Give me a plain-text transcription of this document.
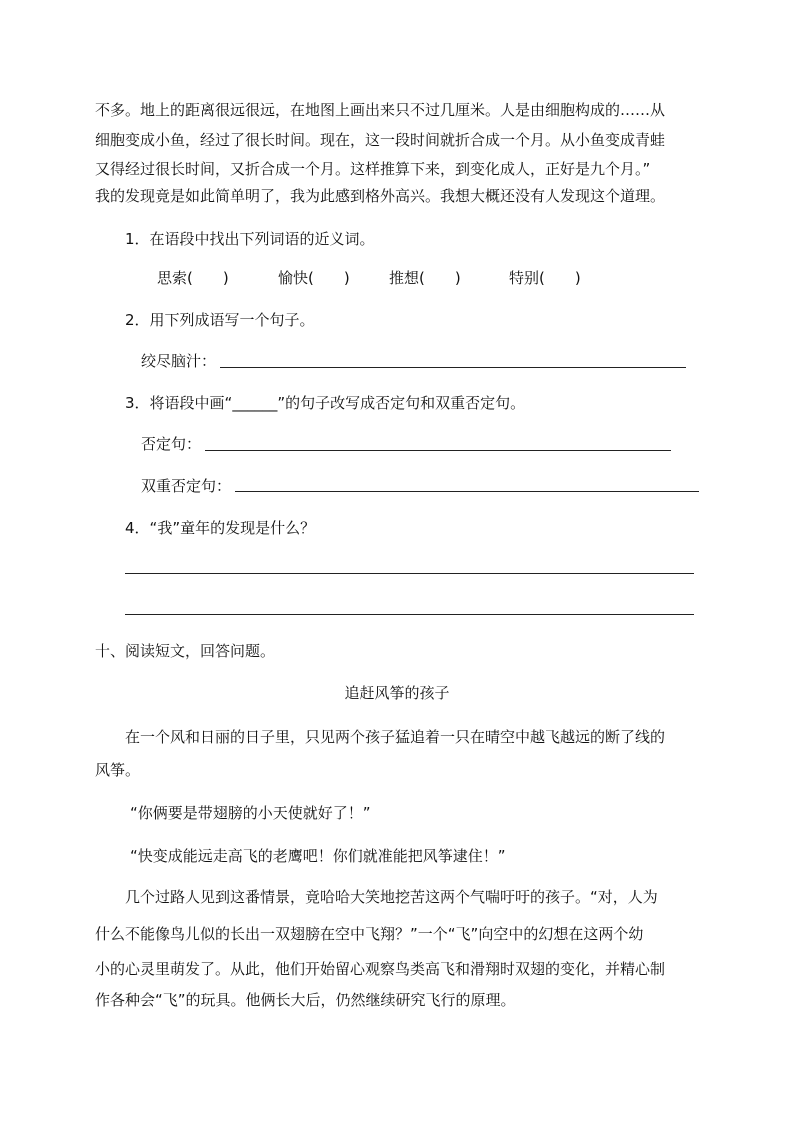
不多。地上的距离很远很远，在地图上画出来只不过几厘米。人是由细胞构成的……从
细胞变成小鱼，经过了很长时间。现在，这一段时间就折合成一个月。从小鱼变成青蛙
又得经过很长时间，又折合成一个月。这样推算下来，到变化成人，正好是九个月。”
我的发现竟是如此简单明了，我为此感到格外高兴。我想大概还没有人发现这个道理。
1．在语段中找出下列词语的近义词。
思索(　　)	愉快(　　)	推想(　　)	特别(　　)
2．用下列成语写一个句子。
绞尽脑汁：
3．将语段中画“______”的句子改写成否定句和双重否定句。
否定句：
双重否定句：
4．“我”童年的发现是什么？
十、阅读短文，回答问题。
追赶风筝的孩子
在一个风和日丽的日子里，只见两个孩子猛追着一只在晴空中越飞越远的断了线的
风筝。
“你俩要是带翅膀的小天使就好了！”
“快变成能远走高飞的老鹰吧！你们就准能把风筝逮住！”
几个过路人见到这番情景，竟哈哈大笑地挖苦这两个气喘吁吁的孩子。“对，人为
什么不能像鸟儿似的长出一双翅膀在空中飞翔？”一个“飞”向空中的幻想在这两个幼
小的心灵里萌发了。从此，他们开始留心观察鸟类高飞和滑翔时双翅的变化，并精心制
作各种会“飞”的玩具。他俩长大后，仍然继续研究飞行的原理。
